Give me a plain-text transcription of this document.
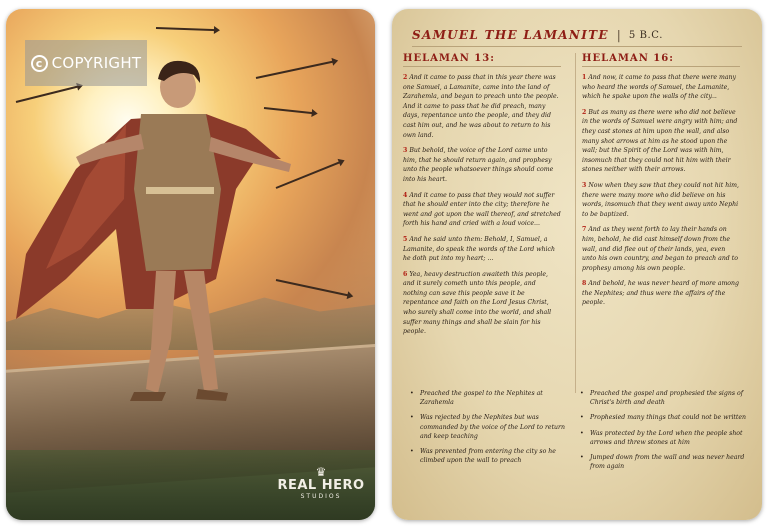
c COPYRIGHT
♛
REAL HERO
STUDIOS
SAMUEL THE LAMANITE | 5 B.C.
HELAMAN 13:

2 And it came to pass that in this year there was one Samuel, a Lamanite, came into the land of Zarahemla, and began to preach unto the people. And it came to pass that he did preach, many days, repentance unto the people, and they did cast him out, and he was about to return to his own land.

3 But behold, the voice of the Lord came unto him, that he should return again, and prophesy unto the people whatsoever things should come into his heart.

4 And it came to pass that they would not suffer that he should enter into the city; therefore he went and got upon the wall thereof, and stretched forth his hand and cried with a loud voice...

5 And he said unto them: Behold, I, Samuel, a Lamanite, do speak the words of the Lord which he doth put into my heart; ...

6 Yea, heavy destruction awaiteth this people, and it surely cometh unto this people, and nothing can save this people save it be repentance and faith on the Lord Jesus Christ, who surely shall come into the world, and shall suffer many things and shall be slain for his people.

HELAMAN 16:

1 And now, it came to pass that there were many who heard the words of Samuel, the Lamanite, which he spake upon the walls of the city...

2 But as many as there were who did not believe in the words of Samuel were angry with him; and they cast stones at him upon the wall, and also many shot arrows at him as he stood upon the wall; but the Spirit of the Lord was with him, insomuch that they could not hit him with their stones neither with their arrows.

3 Now when they saw that they could not hit him, there were many more who did believe on his words, insomuch that they went away unto Nephi to be baptized.

7 And as they went forth to lay their hands on him, behold, he did cast himself down from the wall, and did flee out of their lands, yea, even unto his own country, and began to preach and to prophesy among his own people.

8 And behold, he was never heard of more among the Nephites; and thus were the affairs of the people.

• Preached the gospel to the Nephites at Zarahemla
• Was rejected by the Nephites but was commanded by the voice of the Lord to return and keep teaching
• Was prevented from entering the city so he climbed upon the wall to preach
• Preached the gospel and prophesied the signs of Christ's birth and death
• Prophesied many things that could not be written
• Was protected by the Lord when the people shot arrows and threw stones at him
• Jumped down from the wall and was never heard from again
